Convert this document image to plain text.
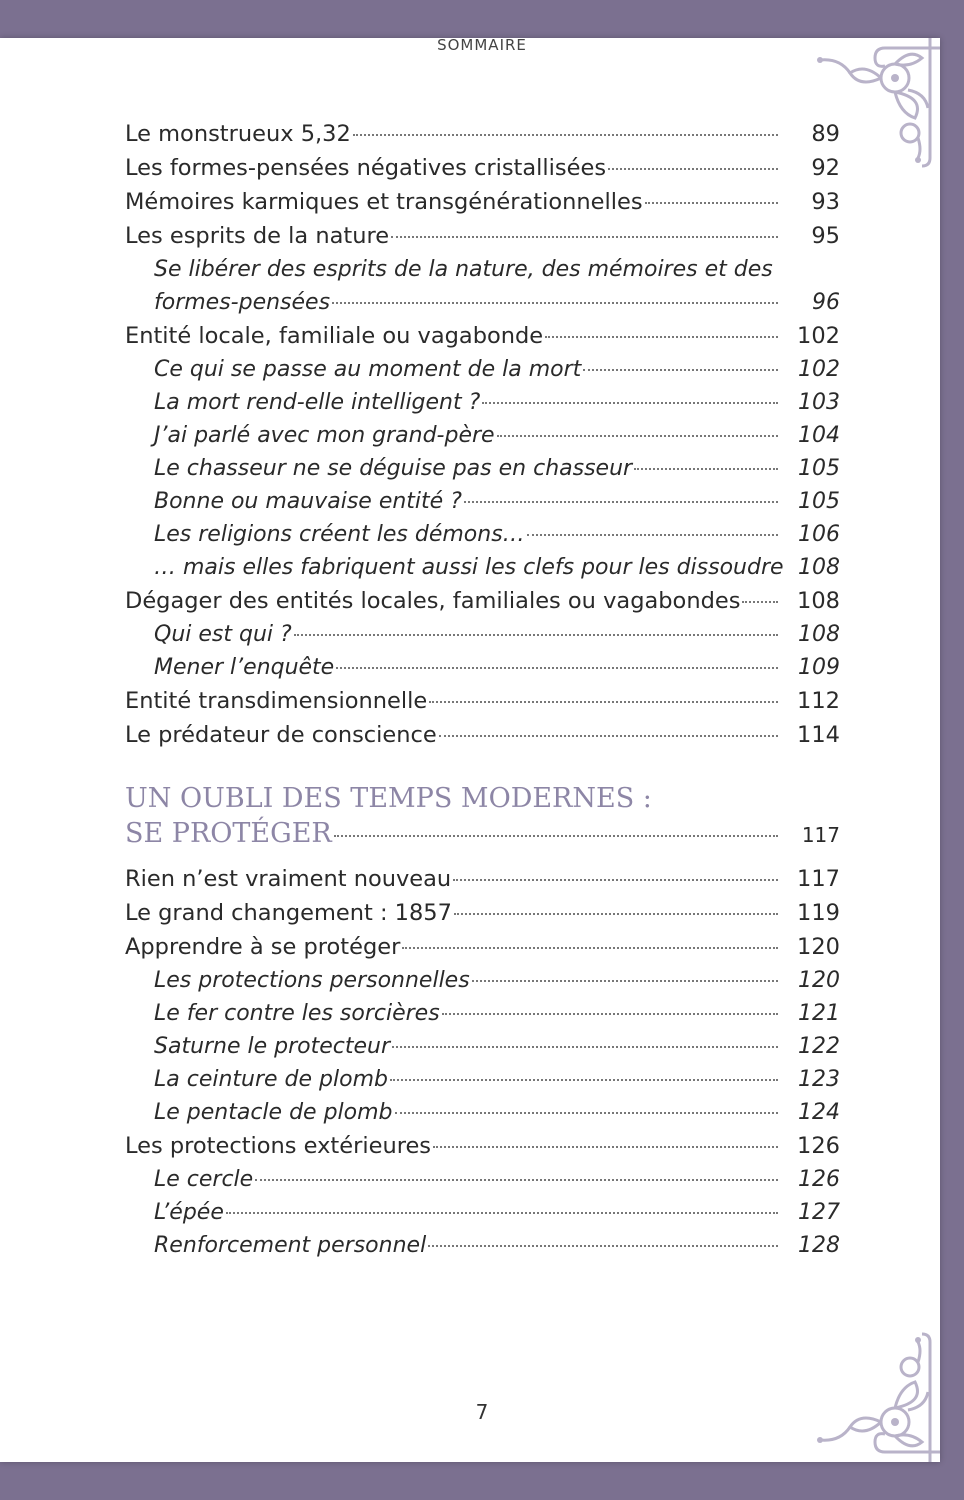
SOMMAIRE
Le monstrueux 5,32	89
Les formes-pensées négatives cristallisées	92
Mémoires karmiques et transgénérationnelles	93
Les esprits de la nature	95
Se libérer des esprits de la nature, des mémoires et des
formes-pensées	96
Entité locale, familiale ou vagabonde	102
Ce qui se passe au moment de la mort	102
La mort rend-elle intelligent ?	103
J’ai parlé avec mon grand-père	104
Le chasseur ne se déguise pas en chasseur	105
Bonne ou mauvaise entité ?	105
Les religions créent les démons…	106
… mais elles fabriquent aussi les clefs pour les dissoudre 108
Dégager des entités locales, familiales ou vagabondes	108
Qui est qui ?	108
Mener l’enquête	109
Entité transdimensionnelle	112
Le prédateur de conscience	114
UN OUBLI DES TEMPS MODERNES :
SE PROTÉGER	117
Rien n’est vraiment nouveau	117
Le grand changement : 1857	119
Apprendre à se protéger	120
Les protections personnelles	120
Le fer contre les sorcières	121
Saturne le protecteur	122
La ceinture de plomb	123
Le pentacle de plomb	124
Les protections extérieures	126
Le cercle	126
L’épée	127
Renforcement personnel	128
7
